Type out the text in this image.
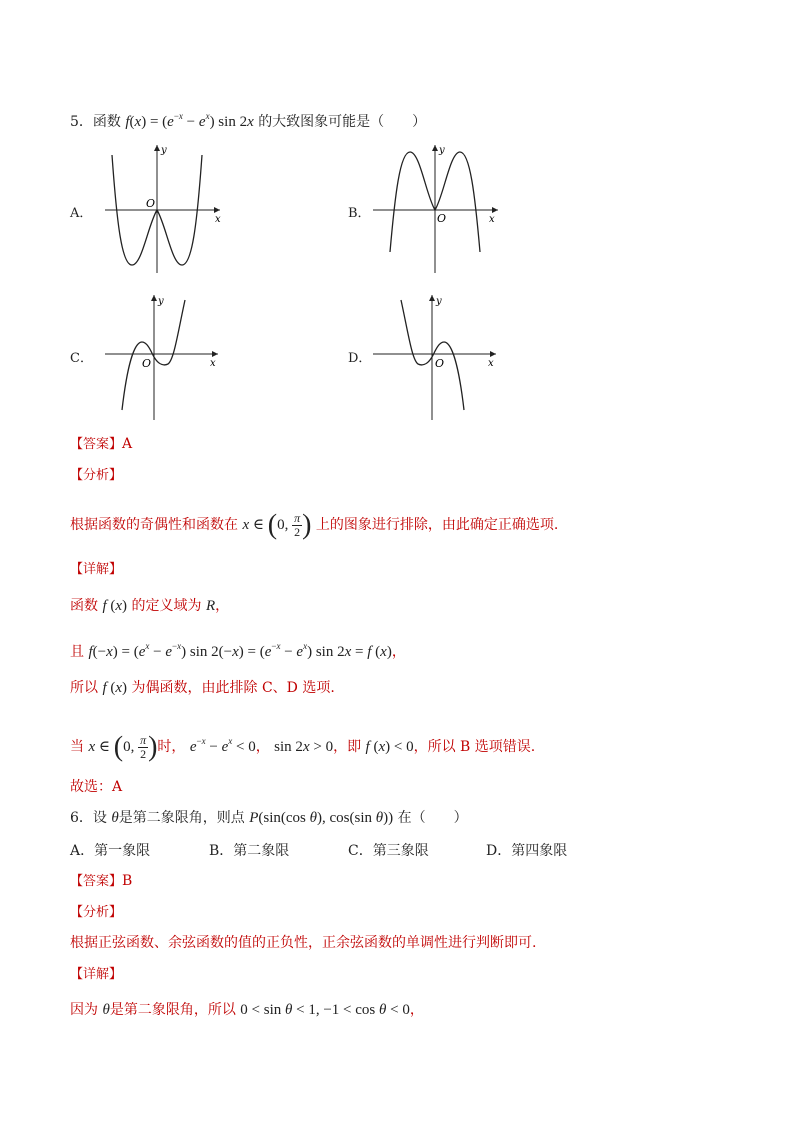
5．函数 $f(x) = (e^{-x} - e^x)$ sin 2x 的大致图象可能是（　　）
A．	B．
C．	D．
y
x
O
y
x
O
y
x
O
y
x
O
【答案】A
【分析】
根据函数的奇偶性和函数在 x ∈ (0, $\frac{\pi}{2}$ ) 上的图象进行排除，由此确定正确选项.
【详解】
函数 f (x) 的定义域为 R，
且 $f(-x) = (e^x - e^{-x})$ $\sin 2(-x) = (e^{-x} - e^x)$ sin 2x = f (x)，
所以 f (x) 为偶函数，由此排除 C、D 选项.
当 x ∈ (0, $\frac{\pi}{2}$ )时， $e^{-x} - e^x < 0$， sin 2x > 0，即 f (x) < 0，所以 B 选项错误.
故选：A
6．设 θ是第二象限角，则点 P(sin(cos θ), cos(sin θ)) 在（　　）
A．第一象限	B．第二象限	C．第三象限	D．第四象限
【答案】B
【分析】
根据正弦函数、余弦函数的值的正负性，正余弦函数的单调性进行判断即可.
【详解】
因为 θ是第二象限角，所以 0 < sin θ < 1, −1 < cos θ < 0，
